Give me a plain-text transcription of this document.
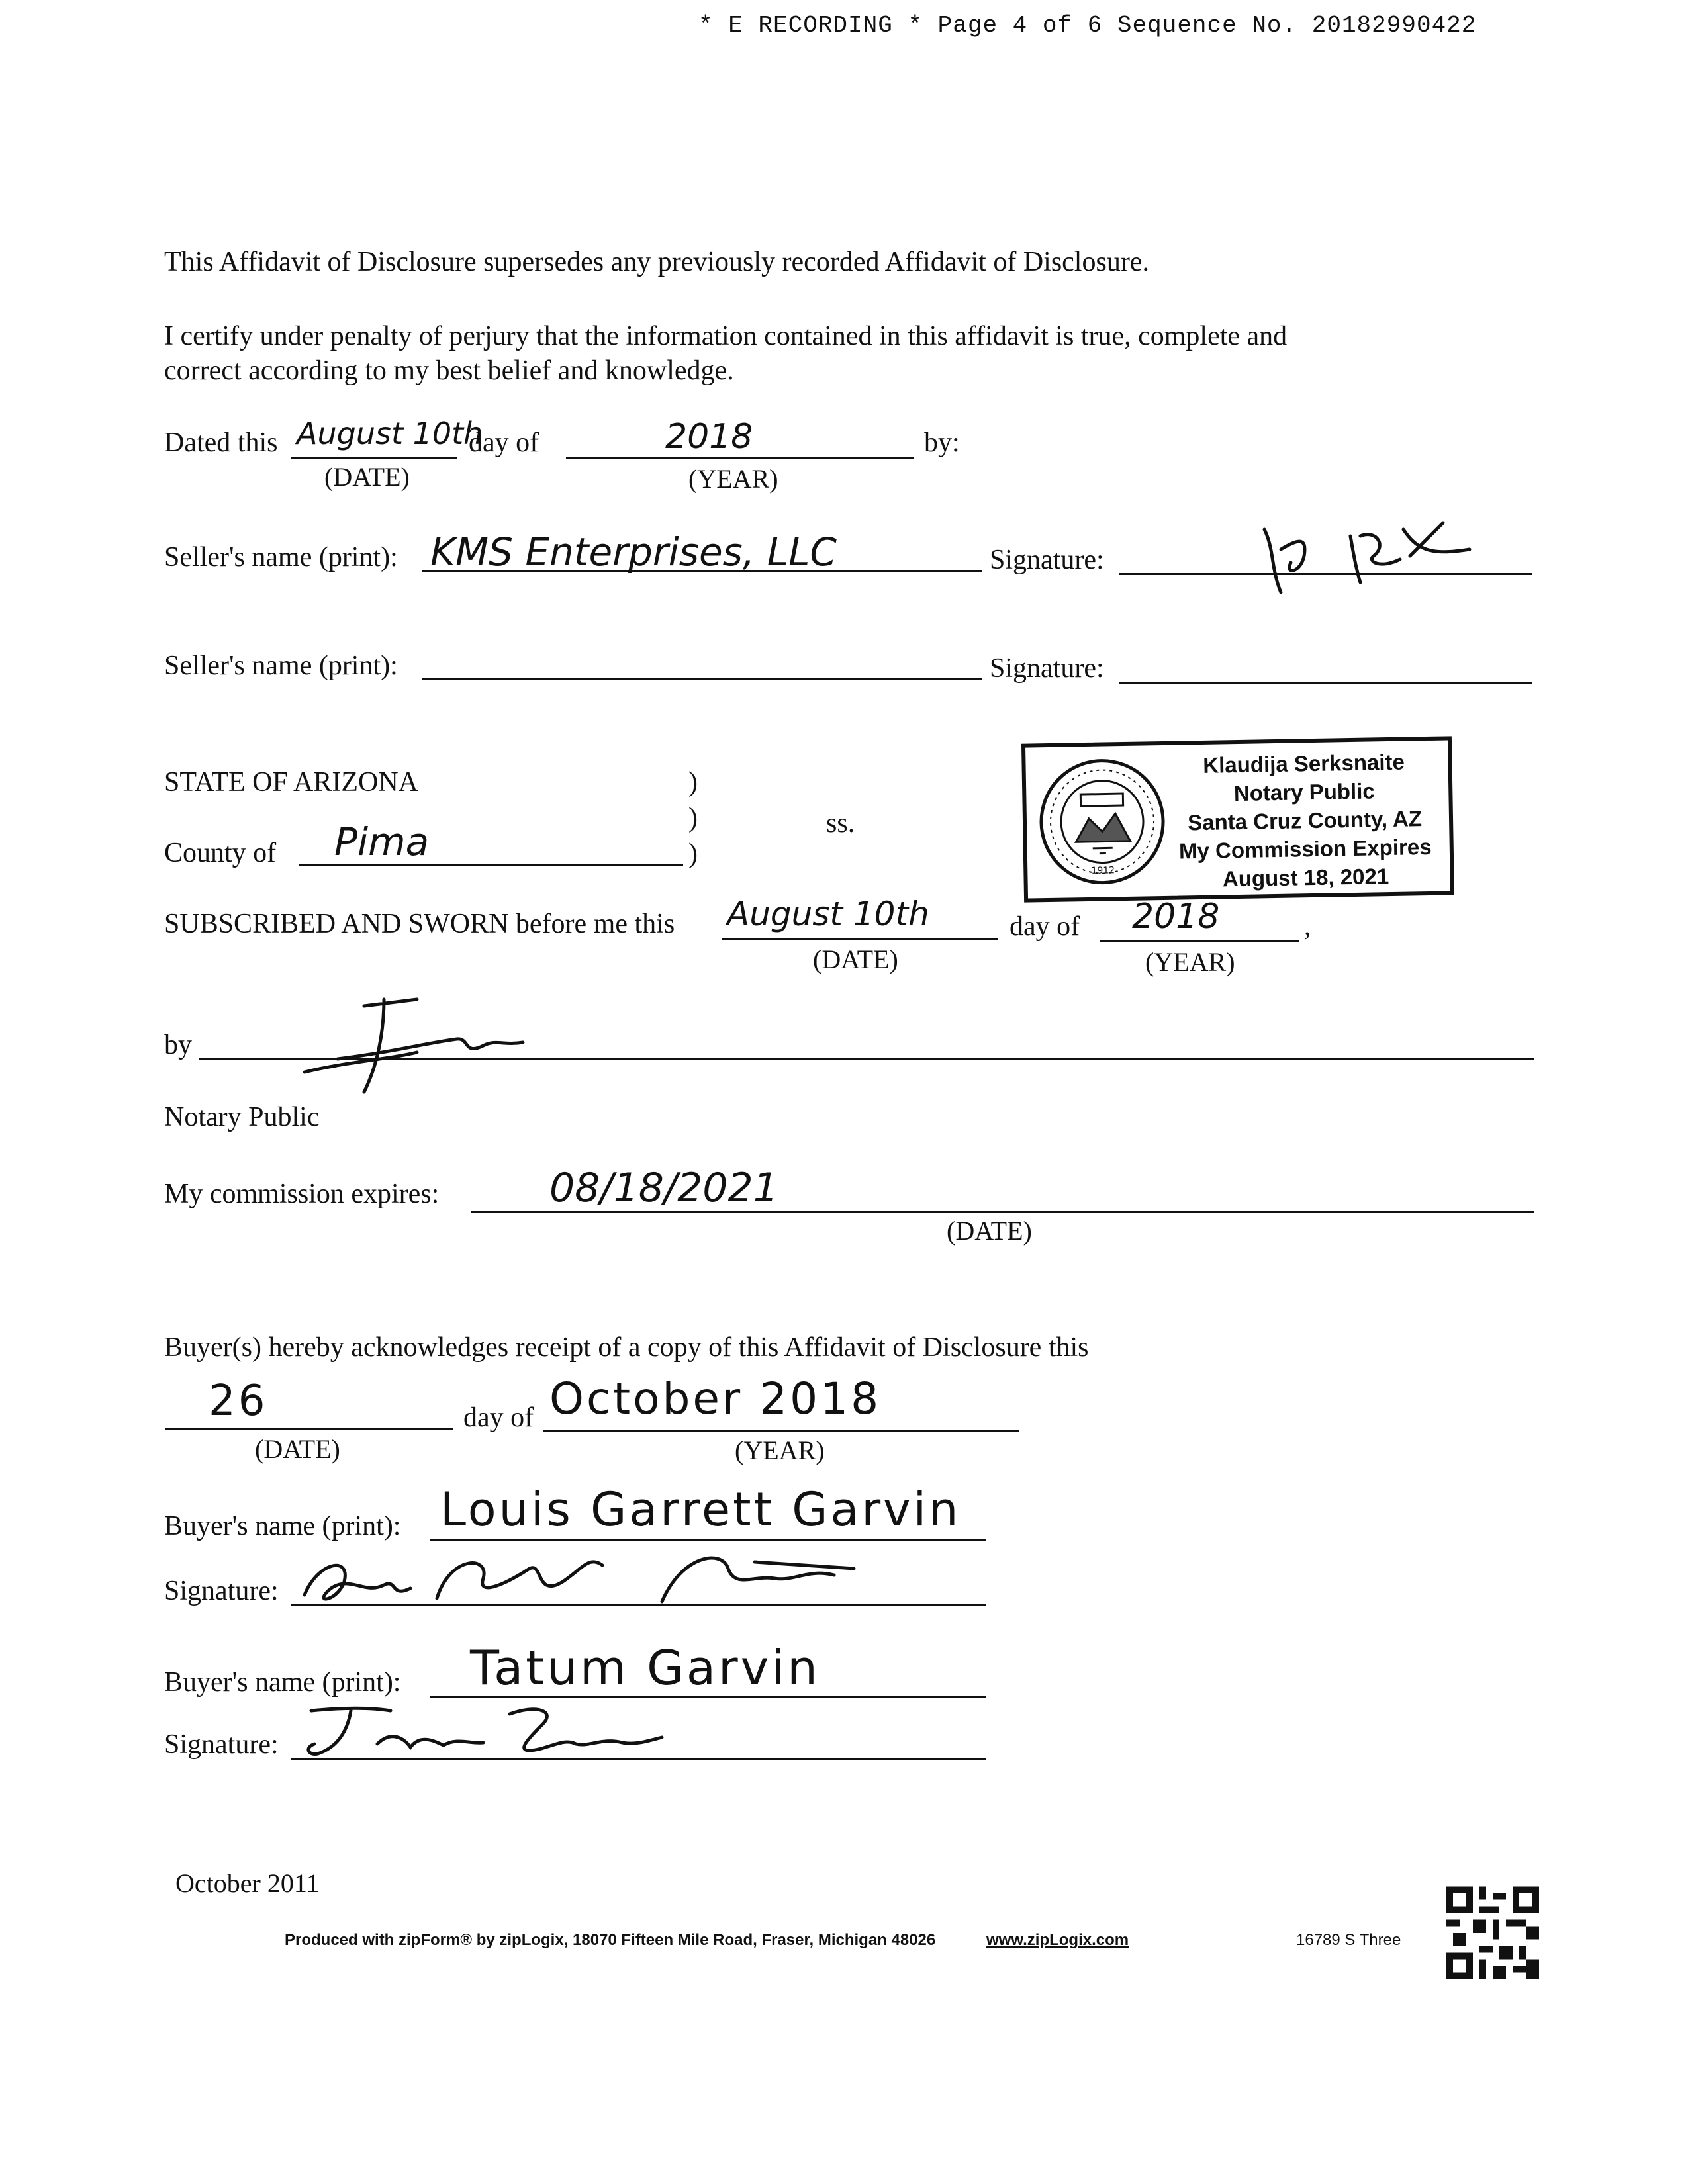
* E RECORDING * Page 4 of 6 Sequence No. 20182990422
This Affidavit of Disclosure supersedes any previously recorded Affidavit of Disclosure.
I certify under penalty of perjury that the information contained in this affidavit is true, complete and
correct according to my best belief and knowledge.
Dated this August 10th
day of	2018	by:
(DATE)	(YEAR)
Seller's name (print): KMS Enterprises, LLC	Signature:
Seller's name (print):	Signature:
STATE OF ARIZONA	)
)
)
ss.
County of Pima
1912
Klaudija Serksnaite
Notary Public
Santa Cruz County, AZ
My Commission Expires
August 18, 2021
SUBSCRIBED AND SWORN before me this August 10th	day of 2018	,
(DATE)	(YEAR)
by
Notary Public
My commission expires:	08/18/2021
(DATE)
Buyer(s) hereby acknowledges receipt of a copy of this Affidavit of Disclosure this
26	day of October 2018
(DATE)	(YEAR)
Buyer's name (print): Louis Garrett Garvin
Signature:
Buyer's name (print): Tatum Garvin
Signature:
October 2011
Produced with zipForm® by zipLogix, 18070 Fifteen Mile Road, Fraser, Michigan 48026	www.zipLogix.com	16789 S Three
